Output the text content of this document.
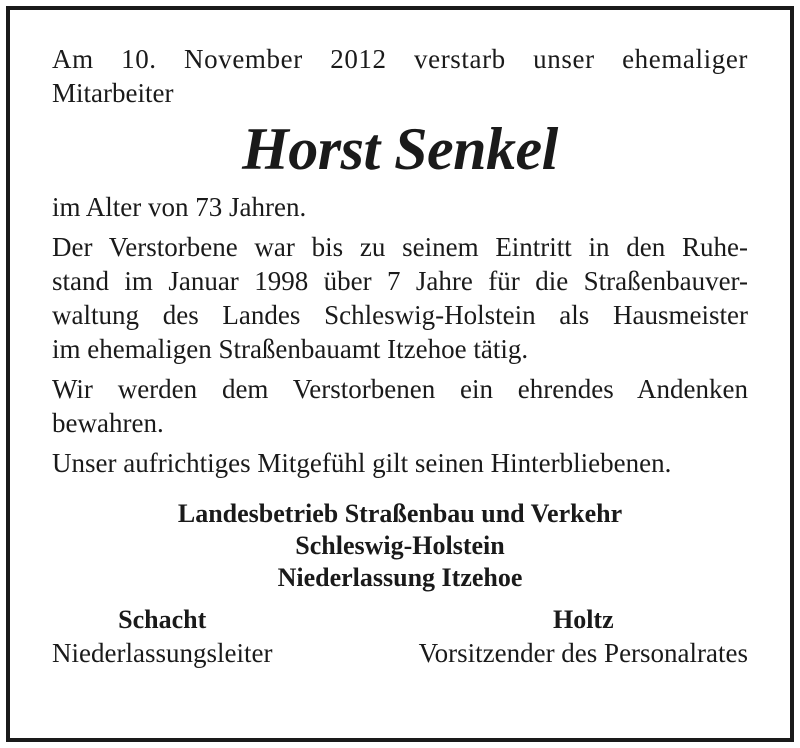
Am 10. November 2012 verstarb unser ehemaliger
Mitarbeiter

Horst Senkel

im Alter von 73 Jahren.

Der Verstorbene war bis zu seinem Eintritt in den Ruhe-
stand im Januar 1998 über 7 Jahre für die Straßenbauver-
waltung des Landes Schleswig-Holstein als Hausmeister
im ehemaligen Straßenbauamt Itzehoe tätig.

Wir werden dem Verstorbenen ein ehrendes Andenken
bewahren.

Unser aufrichtiges Mitgefühl gilt seinen Hinterbliebenen.

Landesbetrieb Straßenbau und Verkehr
Schleswig-Holstein
Niederlassung Itzehoe
Schacht
Niederlassungsleiter
Holtz
Vorsitzender des Personalrates
